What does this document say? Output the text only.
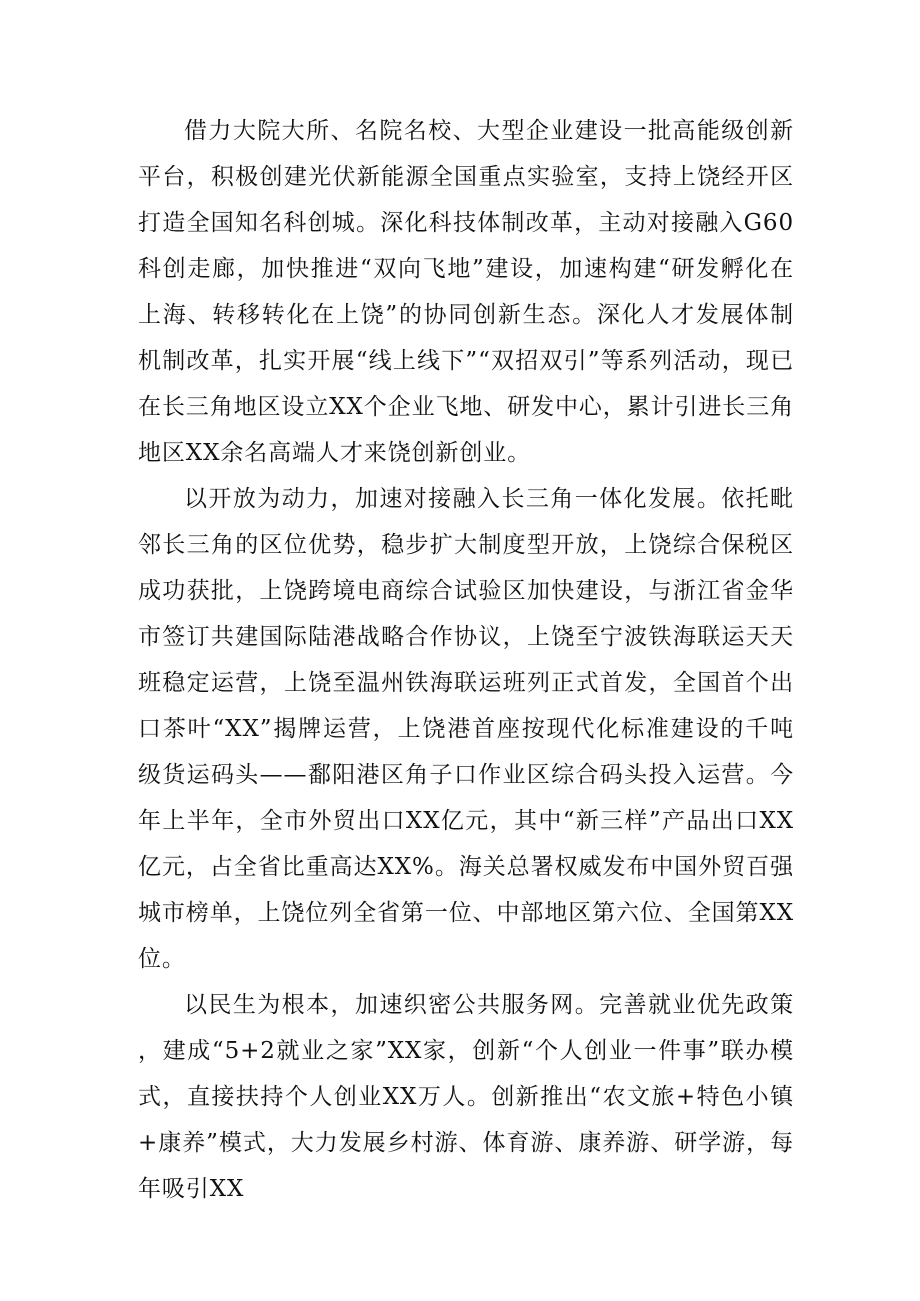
借力大院大所、名院名校、大型企业建设一批高能级创新平台，积极创建光伏新能源全国重点实验室，支持上饶经开区打造全国知名科创城。深化科技体制改革，主动对接融入G60科创走廊，加快推进“双向飞地”建设，加速构建“研发孵化在上海、转移转化在上饶”的协同创新生态。深化人才发展体制机制改革，扎实开展“线上线下”“双招双引”等系列活动，现已在长三角地区设立XX个企业飞地、研发中心，累计引进长三角地区XX余名高端人才来饶创新创业。

以开放为动力，加速对接融入长三角一体化发展。依托毗邻长三角的区位优势，稳步扩大制度型开放，上饶综合保税区成功获批，上饶跨境电商综合试验区加快建设，与浙江省金华市签订共建国际陆港战略合作协议，上饶至宁波铁海联运天天班稳定运营，上饶至温州铁海联运班列正式首发，全国首个出口茶叶“XX”揭牌运营，上饶港首座按现代化标准建设的千吨级货运码头——鄱阳港区角子口作业区综合码头投入运营。今年上半年，全市外贸出口XX亿元，其中“新三样”产品出口XX亿元，占全省比重高达XX%。海关总署权威发布中国外贸百强城市榜单，上饶位列全省第一位、中部地区第六位、全国第XX位。

以民生为根本，加速织密公共服务网。完善就业优先政策，建成“5+2就业之家”XX家，创新“个人创业一件事”联办模式，直接扶持个人创业XX万人。创新推出“农文旅+特色小镇+康养”模式，大力发展乡村游、体育游、康养游、研学游，每年吸引XX
